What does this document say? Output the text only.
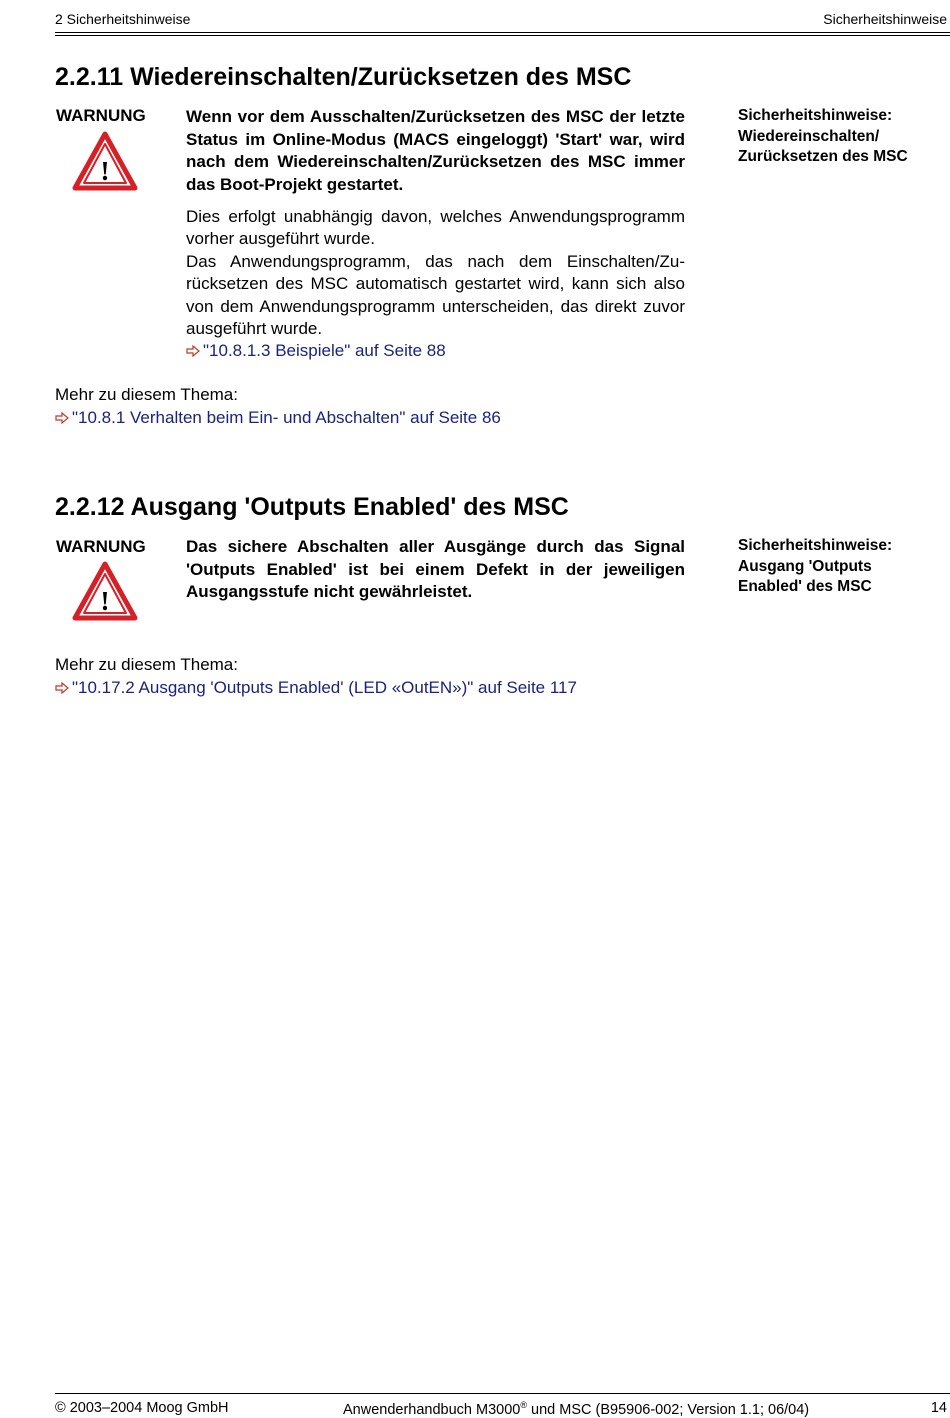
2 Sicherheitshinweise	Sicherheitshinweise
2.2.11 Wiedereinschalten/Zurücksetzen des MSC
WARNUNG
!

Wenn vor dem Ausschalten/Zurücksetzen des MSC der letzte Status im Online-Modus (MACS eingeloggt) 'Start' war, wird nach dem Wiedereinschalten/Zurücksetzen des MSC immer das Boot-Projekt gestartet.

Dies erfolgt unabhängig davon, welches Anwendungsprogramm vorher ausgeführt wurde.

Das Anwendungsprogramm, das nach dem Einschalten/Zurücksetzen des MSC automatisch gestartet wird, kann sich also von dem Anwendungsprogramm unterscheiden, das direkt zuvor ausgeführt wurde.

"10.8.1.3 Beispiele" auf Seite 88
Sicherheitshinweise:
Wiedereinschalten/
Zurücksetzen des MSC
Mehr zu diesem Thema:
"10.8.1 Verhalten beim Ein- und Abschalten" auf Seite 86
2.2.12 Ausgang 'Outputs Enabled' des MSC
WARNUNG
!

Das sichere Abschalten aller Ausgänge durch das Signal 'Outputs Enabled' ist bei einem Defekt in der jeweiligen Ausgangsstufe nicht gewährleistet.

Sicherheitshinweise:
Ausgang 'Outputs
Enabled' des MSC
Mehr zu diesem Thema:
"10.17.2 Ausgang 'Outputs Enabled' (LED «OutEN»)" auf Seite 117
© 2003–2004 Moog GmbH	Anwenderhandbuch M3000® und MSC (B95906-002; Version 1.1; 06/04)	14
